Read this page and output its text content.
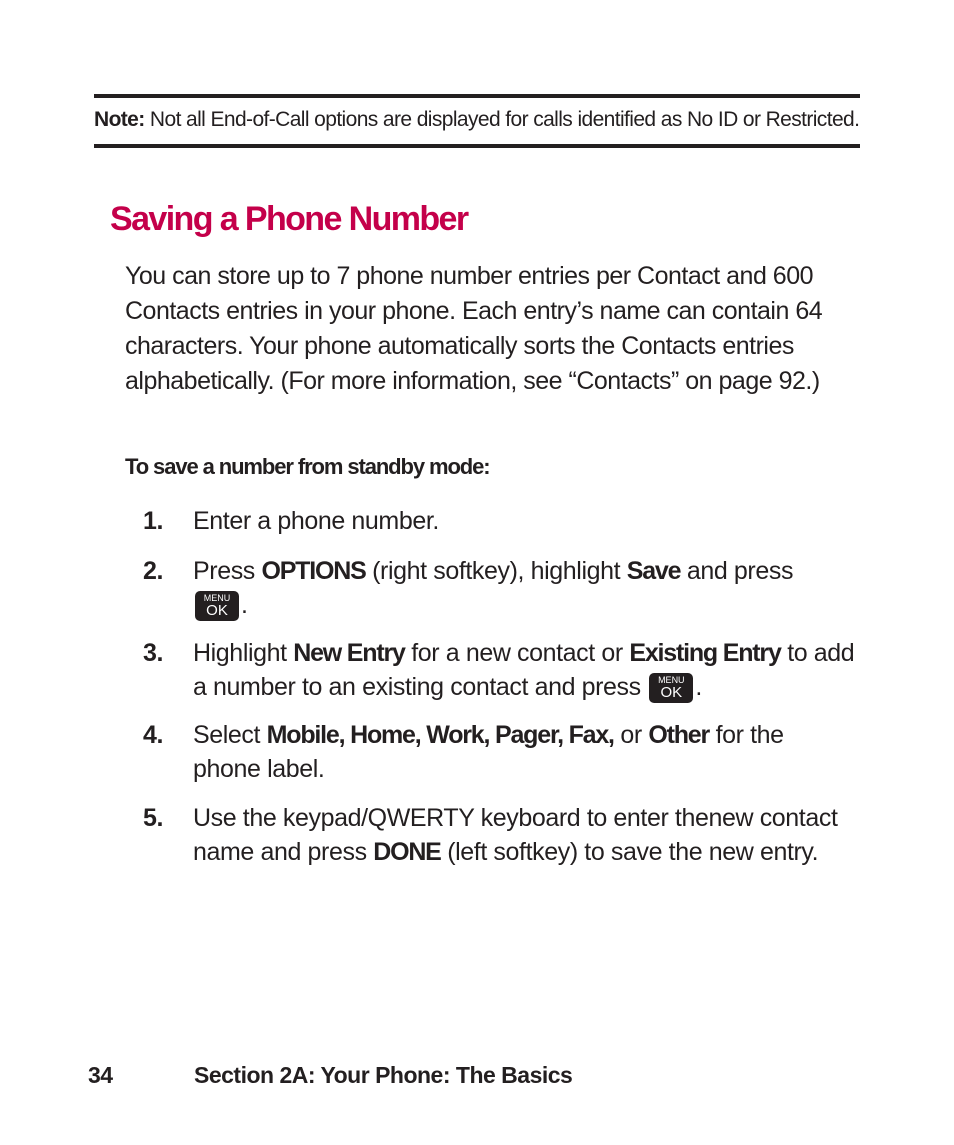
Note: Not all End-of-Call options are displayed for calls identified as No ID or Restricted.
Saving a Phone Number

You can store up to 7 phone number entries per Contact and 600 Contacts entries in your phone. Each entry’s name can contain 64 characters. Your phone automatically sorts the Contacts entries alphabetically. (For more information, see “Contacts” on page 92.)

To save a number from standby mode:

1. Enter a phone number.
2. Press OPTIONS (right softkey), highlight Save and press

MENU
OK .
3. Highlight New Entry for a new contact or Existing Entry to add a number to an existing contact and press	MENU
OK .
4. Select Mobile, Home, Work, Pager, Fax, or Other for the phone label.
5. Use the keypad/QWERTY keyboard to enter thenew contact name and press DONE (left softkey) to save the new entry.
34	Section 2A: Your Phone: The Basics
